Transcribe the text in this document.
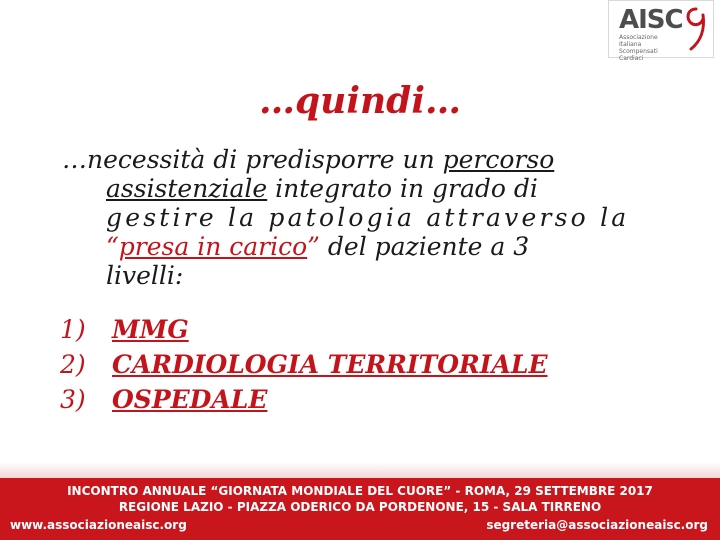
AISC
Associazione Italiana Scompensati Cardiaci
…quindi…
…necessità di predisporre un percorso
assistenziale integrato in grado di
gestire la patologia attraverso la
“presa in carico” del paziente a 3
livelli:
1)	MMG
2)	CARDIOLOGIA TERRITORIALE
3)	OSPEDALE
INCONTRO ANNUALE “GIORNATA MONDIALE DEL CUORE” - ROMA, 29 SETTEMBRE 2017
REGIONE LAZIO - PIAZZA ODERICO DA PORDENONE, 15 - SALA TIRRENO
www.associazioneaisc.org	segreteria@associazioneaisc.org
